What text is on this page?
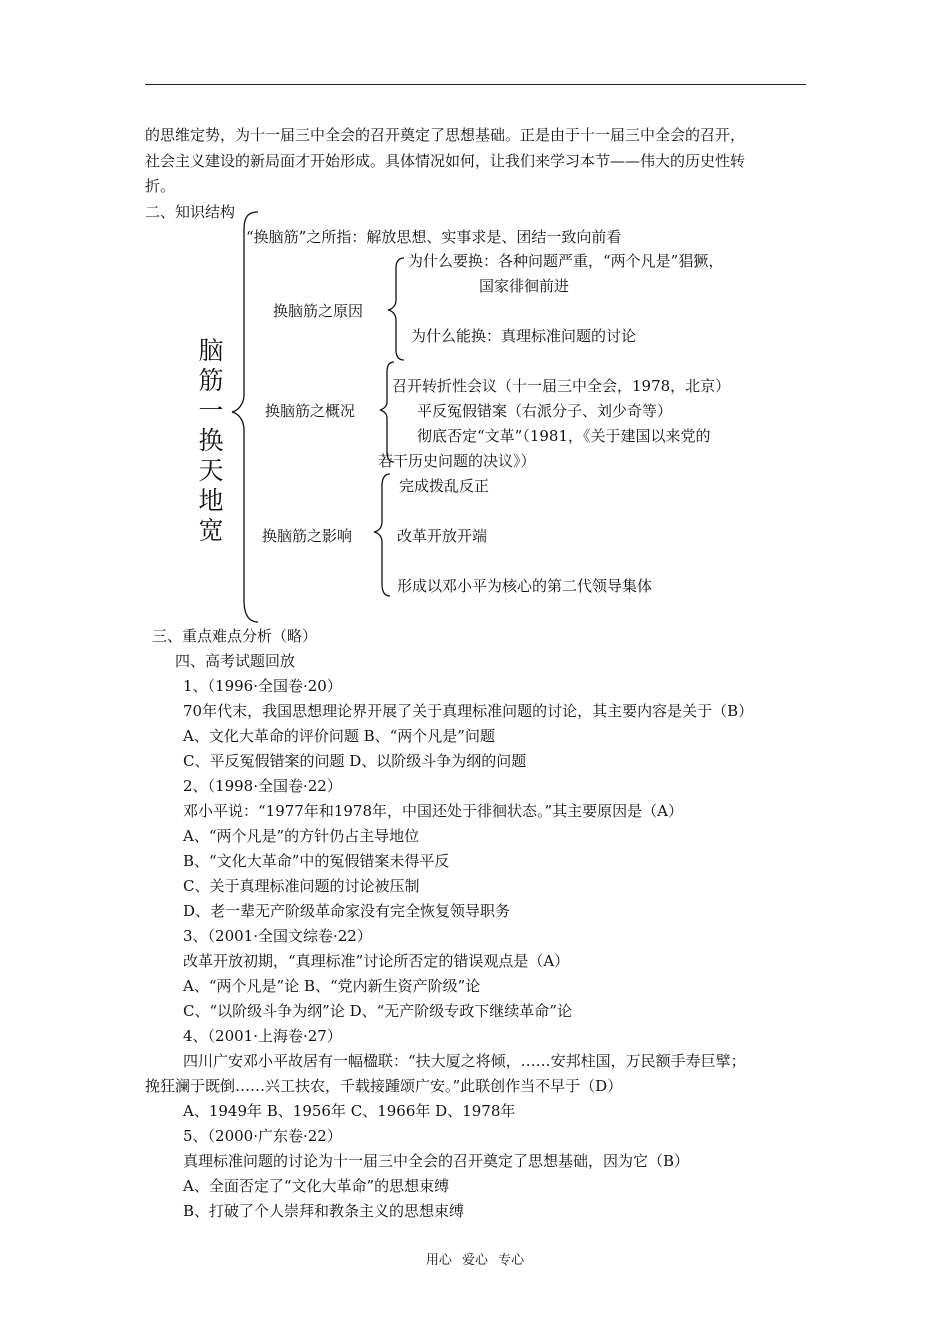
的思维定势，为十一届三中全会的召开奠定了思想基础。正是由于十一届三中全会的召开，
社会主义建设的新局面才开始形成。具体情况如何，让我们来学习本节——伟大的历史性转
折。
二、知识结构
脑
筋
一
换
天
地
宽
“换脑筋”之所指：解放思想、实事求是、团结一致向前看
换脑筋之原因
为什么要换：各种问题严重，“两个凡是”猖獗，
国家徘徊前进
为什么能换：真理标准问题的讨论
换脑筋之概况
召开转折性会议（十一届三中全会，1978，北京）
平反冤假错案（右派分子、刘少奇等）
彻底否定“文革”（1981，《关于建国以来党的
若干历史问题的决议》）
换脑筋之影响
完成拨乱反正
改革开放开端
形成以邓小平为核心的第二代领导集体
三、重点难点分析（略）
四、高考试题回放
1、（1996·全国卷·20）
70年代末，我国思想理论界开展了关于真理标准问题的讨论，其主要内容是关于（B）
A、文化大革命的评价问题 B、“两个凡是”问题
C、平反冤假错案的问题 D、以阶级斗争为纲的问题
2、（1998·全国卷·22）
邓小平说：“1977年和1978年，中国还处于徘徊状态。”其主要原因是（A）
A、“两个凡是”的方针仍占主导地位
B、“文化大革命”中的冤假错案未得平反
C、关于真理标准问题的讨论被压制
D、老一辈无产阶级革命家没有完全恢复领导职务
3、（2001·全国文综卷·22）
改革开放初期，“真理标准”讨论所否定的错误观点是（A）
A、“两个凡是”论 B、“党内新生资产阶级”论
C、“以阶级斗争为纲”论 D、“无产阶级专政下继续革命”论
4、（2001·上海卷·27）
四川广安邓小平故居有一幅楹联：“扶大厦之将倾，……安邦柱国，万民额手寿巨擘；
挽狂澜于既倒……兴工扶农，千载接踵颂广安。”此联创作当不早于（D）
A、1949年 B、1956年 C、1966年 D、1978年
5、（2000·广东卷·22）
真理标准问题的讨论为十一届三中全会的召开奠定了思想基础，因为它（B）
A、全面否定了“文化大革命”的思想束缚
B、打破了个人崇拜和教条主义的思想束缚
用心 爱心 专心
